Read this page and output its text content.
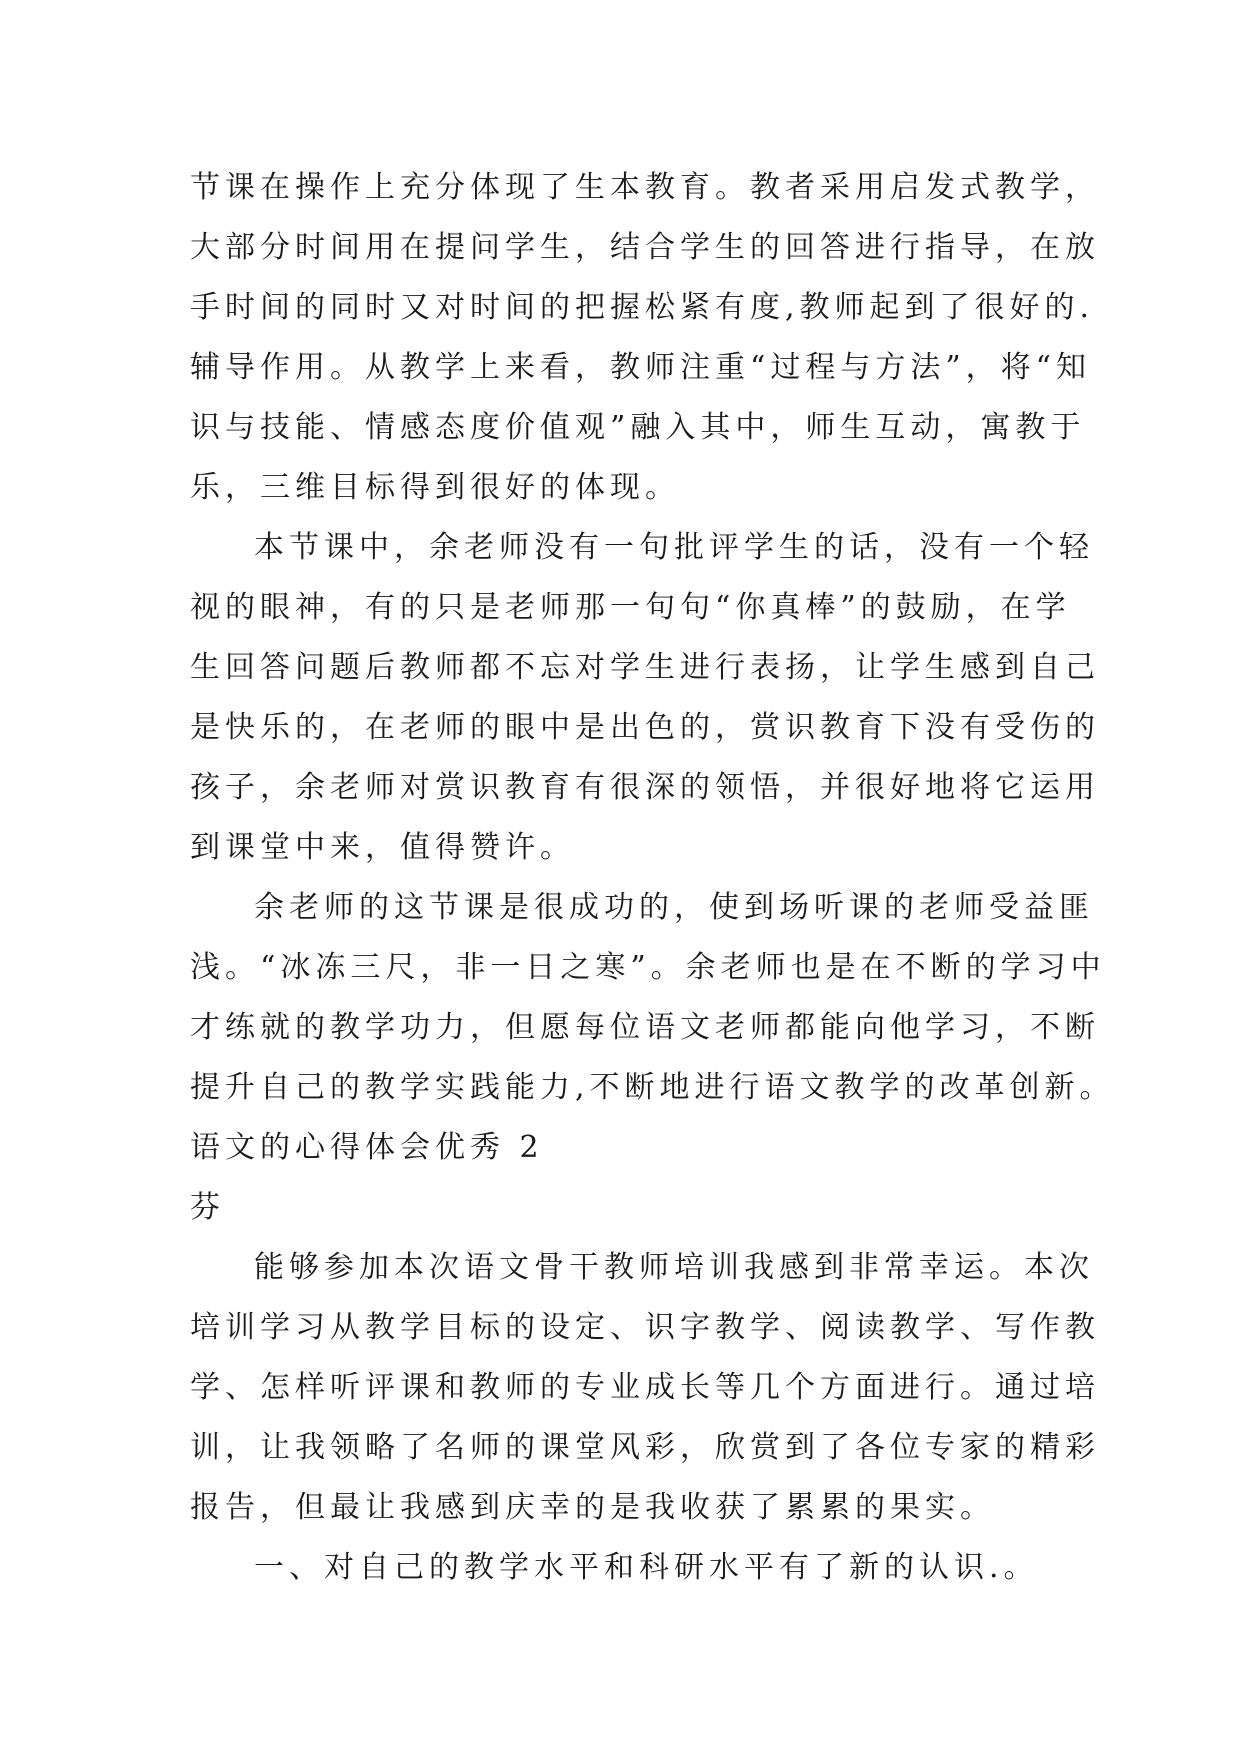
节课在操作上充分体现了生本教育。教者采用启发式教学，
大部分时间用在提问学生，结合学生的回答进行指导，在放
手时间的同时又对时间的把握松紧有度,教师起到了很好的.
辅导作用。从教学上来看，教师注重“过程与方法”，将“知
识与技能、情感态度价值观”融入其中，师生互动，寓教于
乐，三维目标得到很好的体现。
本节课中，余老师没有一句批评学生的话，没有一个轻
视的眼神，有的只是老师那一句句“你真棒”的鼓励，在学
生回答问题后教师都不忘对学生进行表扬，让学生感到自己
是快乐的，在老师的眼中是出色的，赏识教育下没有受伤的
孩子，余老师对赏识教育有很深的领悟，并很好地将它运用
到课堂中来，值得赞许。
余老师的这节课是很成功的，使到场听课的老师受益匪
浅。“冰冻三尺，非一日之寒”。余老师也是在不断的学习中
才练就的教学功力，但愿每位语文老师都能向他学习，不断
提升自己的教学实践能力,不断地进行语文教学的改革创新。
语文的心得体会优秀 2
芬
能够参加本次语文骨干教师培训我感到非常幸运。本次
培训学习从教学目标的设定、识字教学、阅读教学、写作教
学、怎样听评课和教师的专业成长等几个方面进行。通过培
训，让我领略了名师的课堂风彩，欣赏到了各位专家的精彩
报告，但最让我感到庆幸的是我收获了累累的果实。
一、对自己的教学水平和科研水平有了新的认识.。
